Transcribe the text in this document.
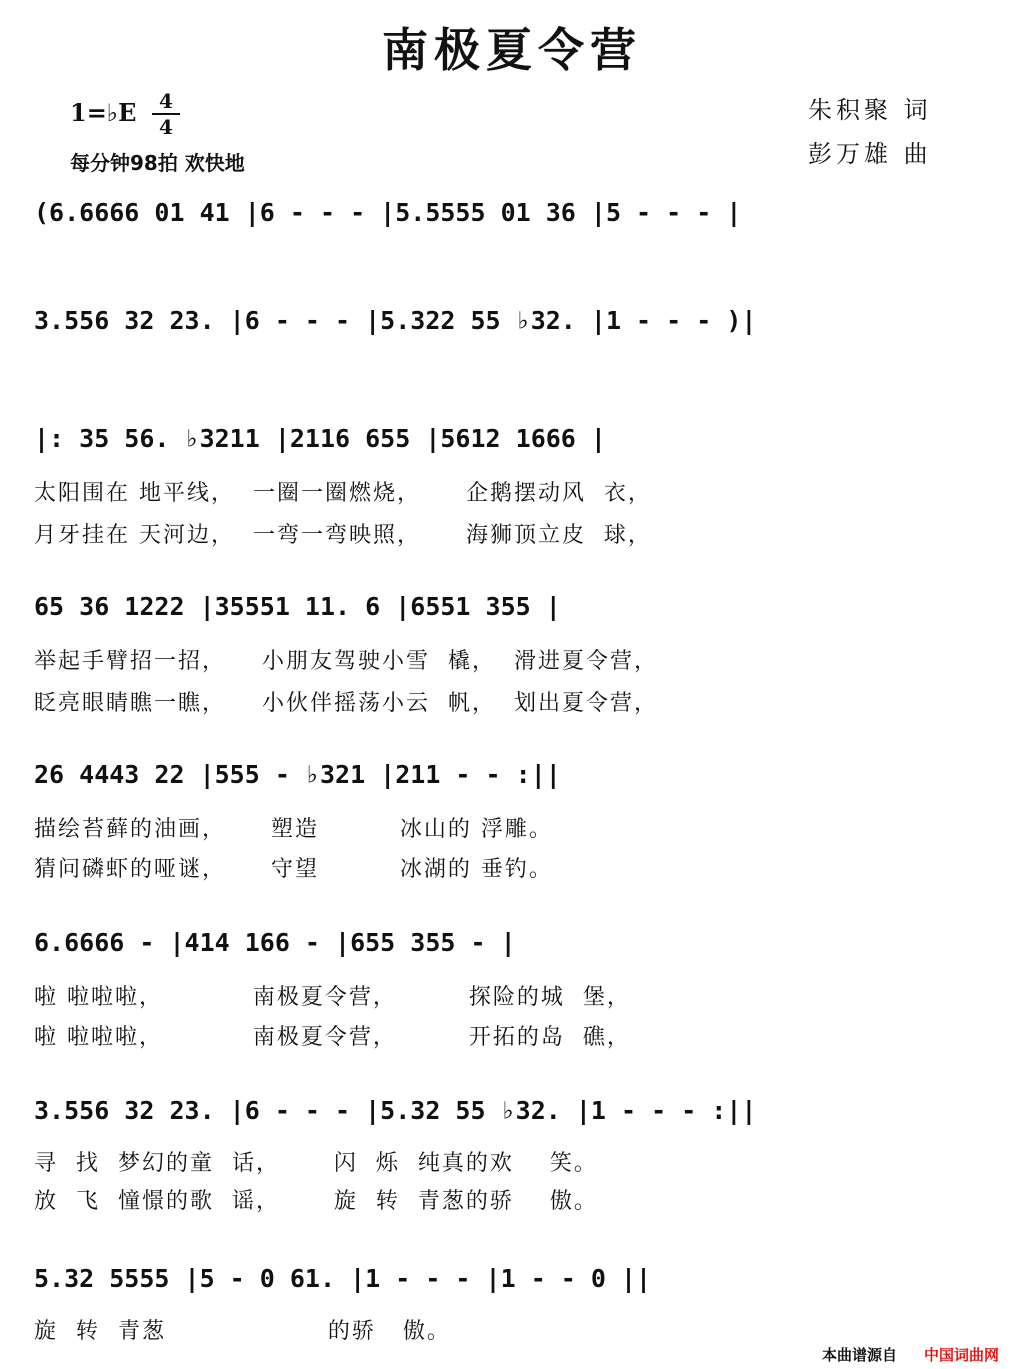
南极夏令营
1=♭E	4
4
每分钟98拍 欢快地
朱积聚 词
彭万雄 曲
(6.6666 01 41 |6 - - - |5.5555 01 36 |5 - - - |
3.556 32 23. |6 - - - |5.322 55 ♭32. |1 - - - )|
|: 35 56. ♭3211 |2116 655 |5612 1666 |
太阳围在 地平线，  一圈一圈燃烧，     企鹅摆动风  衣，
月牙挂在 天河边，  一弯一弯映照，     海狮顶立皮  球，
65 36 1222 |35551 11. 6 |6551 355 |
举起手臂招一招，    小朋友驾驶小雪  橇，  滑进夏令营，
眨亮眼睛瞧一瞧，    小伙伴摇荡小云  帆，  划出夏令营，
26 4443 22 |555 - ♭321 |211 - - :||
描绘苔藓的油画，     塑造         冰山的 浮雕。
猜问磷虾的哑谜，     守望         冰湖的 垂钓。
6.6666 - |414 166 - |655 355 - |
啦 啦啦啦，          南极夏令营，        探险的城  堡，
啦 啦啦啦，          南极夏令营，        开拓的岛  礁，
3.556 32 23. |6 - - - |5.32 55 ♭32. |1 - - - :||
寻  找  梦幻的童  话，      闪  烁  纯真的欢    笑。
放  飞  憧憬的歌  谣，      旋  转  青葱的骄    傲。
5.32 5555 |5 - 0 61. |1 - - - |1 - - 0 ||
旋  转  青葱                  的骄   傲。
本曲谱源自 中国词曲网
